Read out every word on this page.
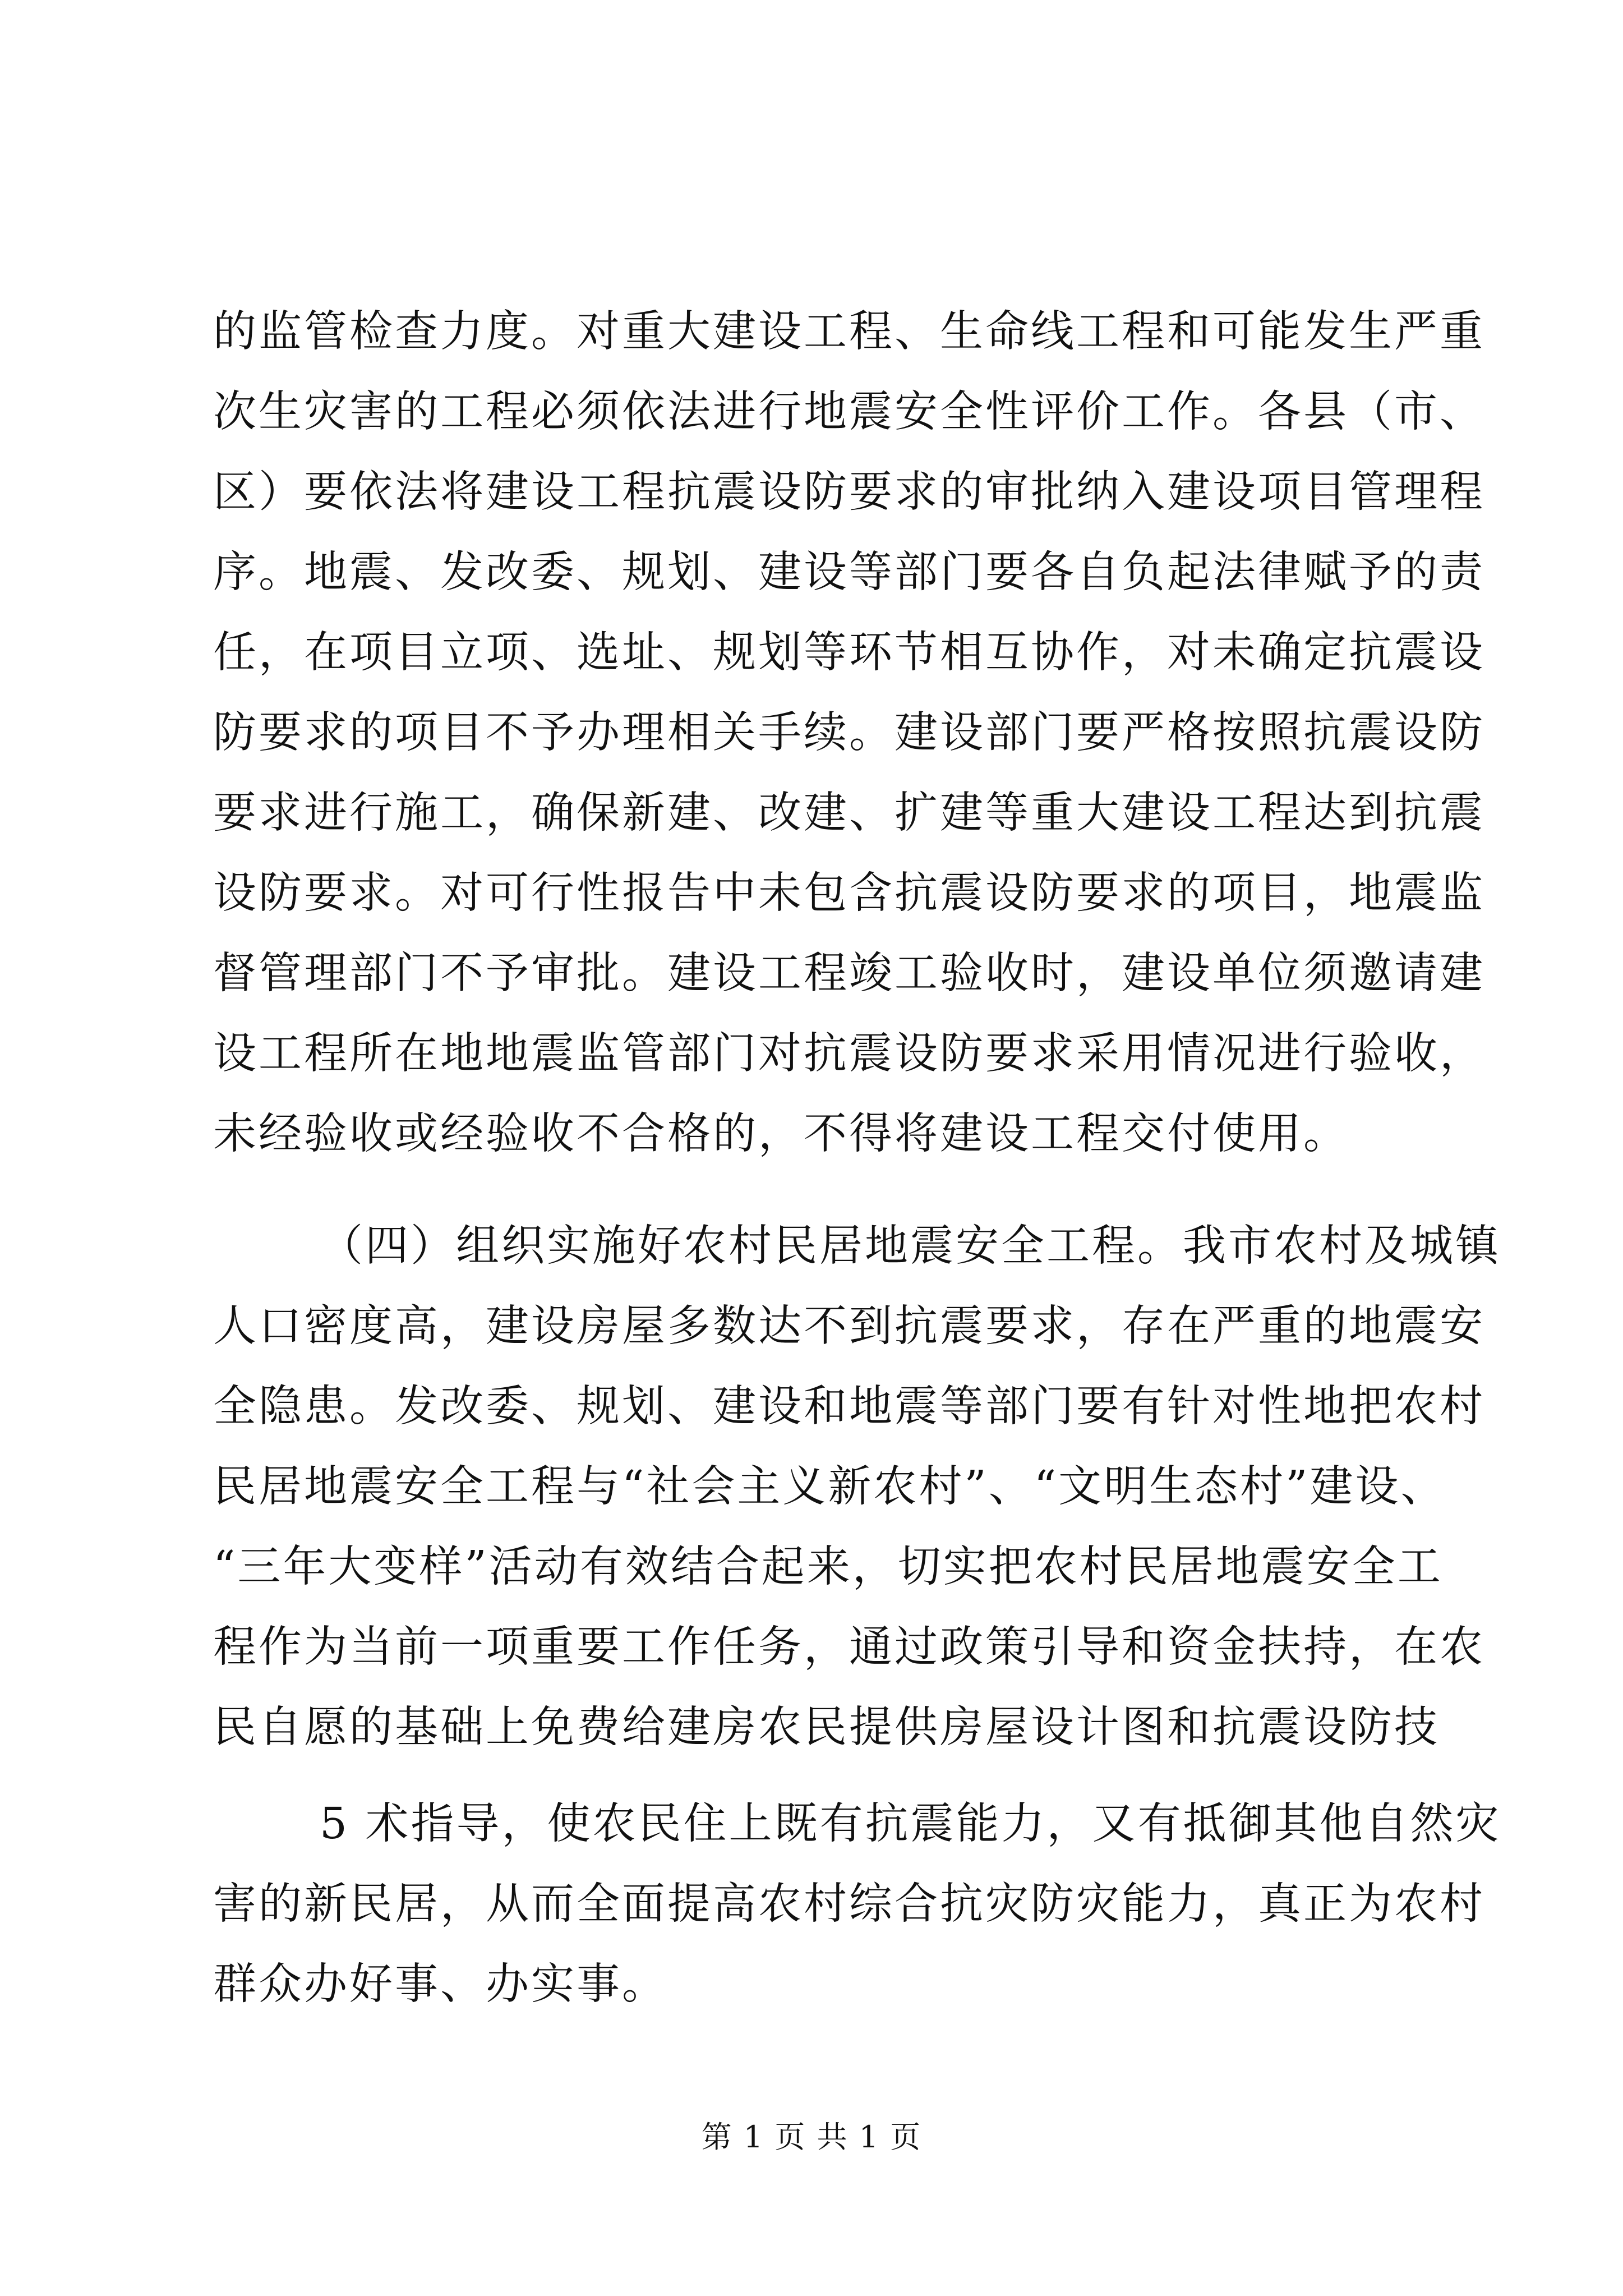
的监管检查力度。对重大建设工程、生命线工程和可能发生严重
次生灾害的工程必须依法进行地震安全性评价工作。各县（市、
区）要依法将建设工程抗震设防要求的审批纳入建设项目管理程
序。地震、发改委、规划、建设等部门要各自负起法律赋予的责
任，在项目立项、选址、规划等环节相互协作，对未确定抗震设
防要求的项目不予办理相关手续。建设部门要严格按照抗震设防
要求进行施工，确保新建、改建、扩建等重大建设工程达到抗震
设防要求。对可行性报告中未包含抗震设防要求的项目，地震监
督管理部门不予审批。建设工程竣工验收时，建设单位须邀请建
设工程所在地地震监管部门对抗震设防要求采用情况进行验收，
未经验收或经验收不合格的，不得将建设工程交付使用。
（四）组织实施好农村民居地震安全工程。我市农村及城镇
人口密度高，建设房屋多数达不到抗震要求，存在严重的地震安
全隐患。发改委、规划、建设和地震等部门要有针对性地把农村
民居地震安全工程与“社会主义新农村”、“文明生态村”建设、
“三年大变样”活动有效结合起来，切实把农村民居地震安全工
程作为当前一项重要工作任务，通过政策引导和资金扶持，在农
民自愿的基础上免费给建房农民提供房屋设计图和抗震设防技
5 术指导，使农民住上既有抗震能力，又有抵御其他自然灾
害的新民居，从而全面提高农村综合抗灾防灾能力，真正为农村
群众办好事、办实事。
第 1 页 共 1 页
